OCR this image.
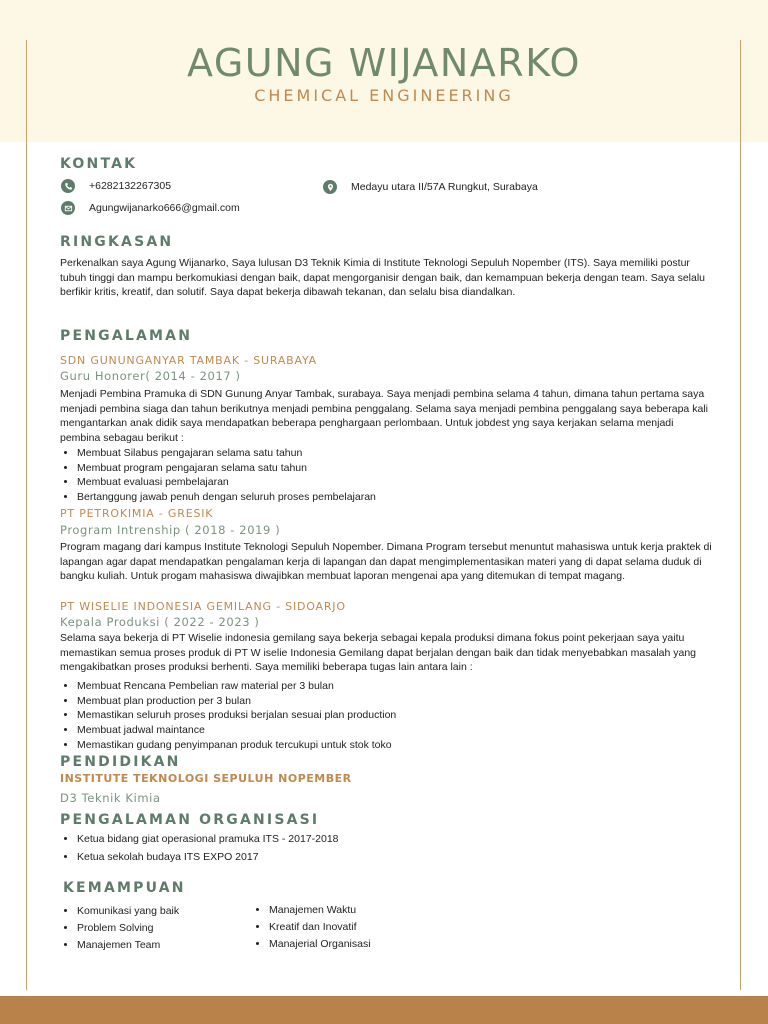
AGUNG WIJANARKO
CHEMICAL ENGINEERING
KONTAK
+6282132267305
Agungwijanarko666@gmail.com
Medayu utara II/57A Rungkut, Surabaya
RINGKASAN

Perkenalkan saya Agung Wijanarko, Saya lulusan D3 Teknik Kimia di Institute Teknologi Sepuluh Nopember (ITS). Saya memiliki postur tubuh tinggi dan mampu berkomukiasi dengan baik, dapat mengorganisir dengan baik, dan kemampuan bekerja dengan team. Saya selalu berfikir kritis, kreatif, dan solutif. Saya dapat bekerja dibawah tekanan, dan selalu bisa diandalkan.

PENGALAMAN
SDN GUNUNGANYAR TAMBAK - SURABAYA
Guru Honorer( 2014 - 2017 )

Menjadi Pembina Pramuka di SDN Gunung Anyar Tambak, surabaya. Saya menjadi pembina selama 4 tahun, dimana tahun pertama saya menjadi pembina siaga dan tahun berikutnya menjadi pembina penggalang. Selama saya menjadi pembina penggalang saya beberapa kali mengantarkan anak didik saya mendapatkan beberapa penghargaan perlombaan. Untuk jobdest yng saya kerjakan selama menjadi pembina sebagau berikut :

• Membuat Silabus pengajaran selama satu tahun
• Membuat program pengajaran selama satu tahun
• Membuat evaluasi pembelajaran
• Bertanggung jawab penuh dengan seluruh proses pembelajaran
PT PETROKIMIA - GRESIK
Program Intrenship ( 2018 - 2019 )

Program magang dari kampus Institute Teknologi Sepuluh Nopember. Dimana Program tersebut menuntut mahasiswa untuk kerja praktek di lapangan agar dapat mendapatkan pengalaman kerja di lapangan dan dapat mengimplementasikan materi yang di dapat selama duduk di bangku kuliah. Untuk progam mahasiswa diwajibkan membuat laporan mengenai apa yang ditemukan di tempat magang.

PT WISELIE INDONESIA GEMILANG - SIDOARJO
Kepala Produksi ( 2022 - 2023 )

Selama saya bekerja di PT Wiselie indonesia gemilang saya bekerja sebagai kepala produksi dimana fokus point pekerjaan saya yaitu memastikan semua proses produk di PT W iselie Indonesia Gemilang dapat berjalan dengan baik dan tidak menyebabkan masalah yang mengakibatkan proses produksi berhenti. Saya memiliki beberapa tugas lain antara lain :

• Membuat Rencana Pembelian raw material per 3 bulan
• Membuat plan production per 3 bulan
• Memastikan seluruh proses produksi berjalan sesuai plan production
• Membuat jadwal maintance
• Memastikan gudang penyimpanan produk tercukupi untuk stok toko
PENDIDIKAN
INSTITUTE TEKNOLOGI SEPULUH NOPEMBER
D3 Teknik Kimia
PENGALAMAN ORGANISASI
• Ketua bidang giat operasional pramuka ITS - 2017-2018
• Ketua sekolah budaya ITS EXPO 2017
KEMAMPUAN
• Komunikasi yang baik
• Problem Solving
• Manajemen Team
• Manajemen Waktu
• Kreatif dan Inovatif
• Manajerial Organisasi
